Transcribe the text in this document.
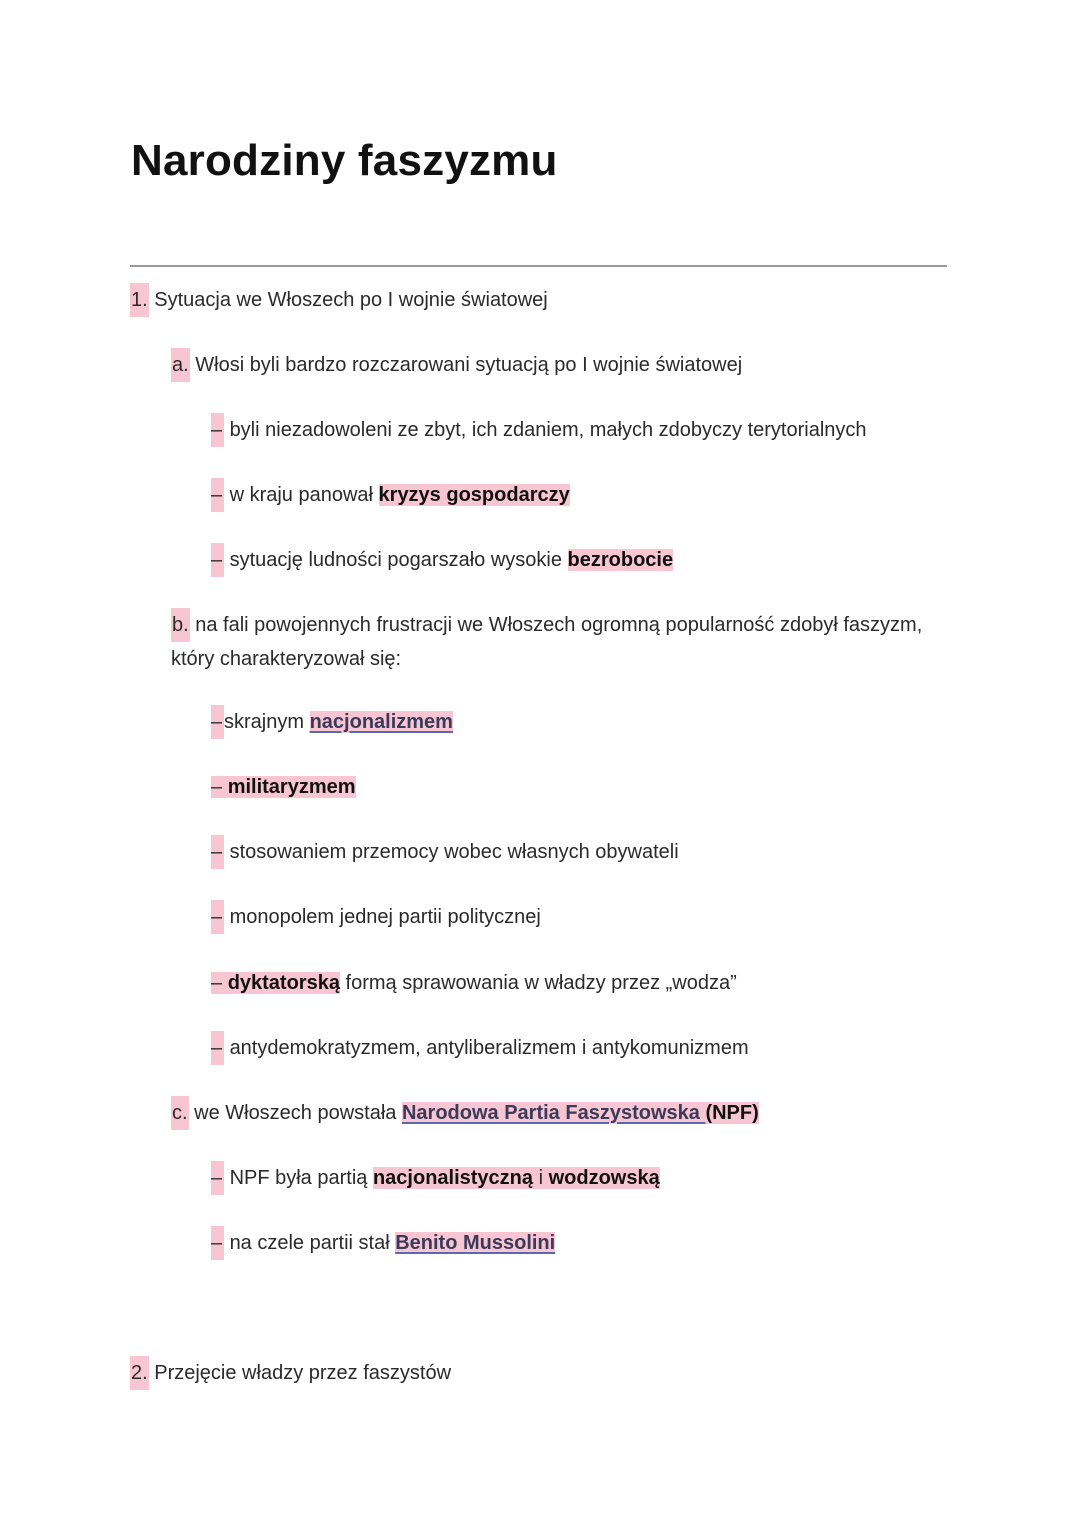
Narodziny faszyzmu
1. Sytuacja we Włoszech po I wojnie światowej
a. Włosi byli bardzo rozczarowani sytuacją po I wojnie światowej
– byli niezadowoleni ze zbyt, ich zdaniem, małych zdobyczy terytorialnych
– w kraju panował kryzys gospodarczy
– sytuację ludności pogarszało wysokie bezrobocie
b. na fali powojennych frustracji we Włoszech ogromną popularność zdobył faszyzm, który charakteryzował się:
–skrajnym nacjonalizmem
– militaryzmem
– stosowaniem przemocy wobec własnych obywateli
– monopolem jednej partii politycznej
– dyktatorską formą sprawowania w władzy przez „wodza”
– antydemokratyzmem, antyliberalizmem i antykomunizmem
c. we Włoszech powstała Narodowa Partia Faszystowska (NPF)
– NPF była partią nacjonalistyczną i wodzowską
– na czele partii stał Benito Mussolini
2. Przejęcie władzy przez faszystów
